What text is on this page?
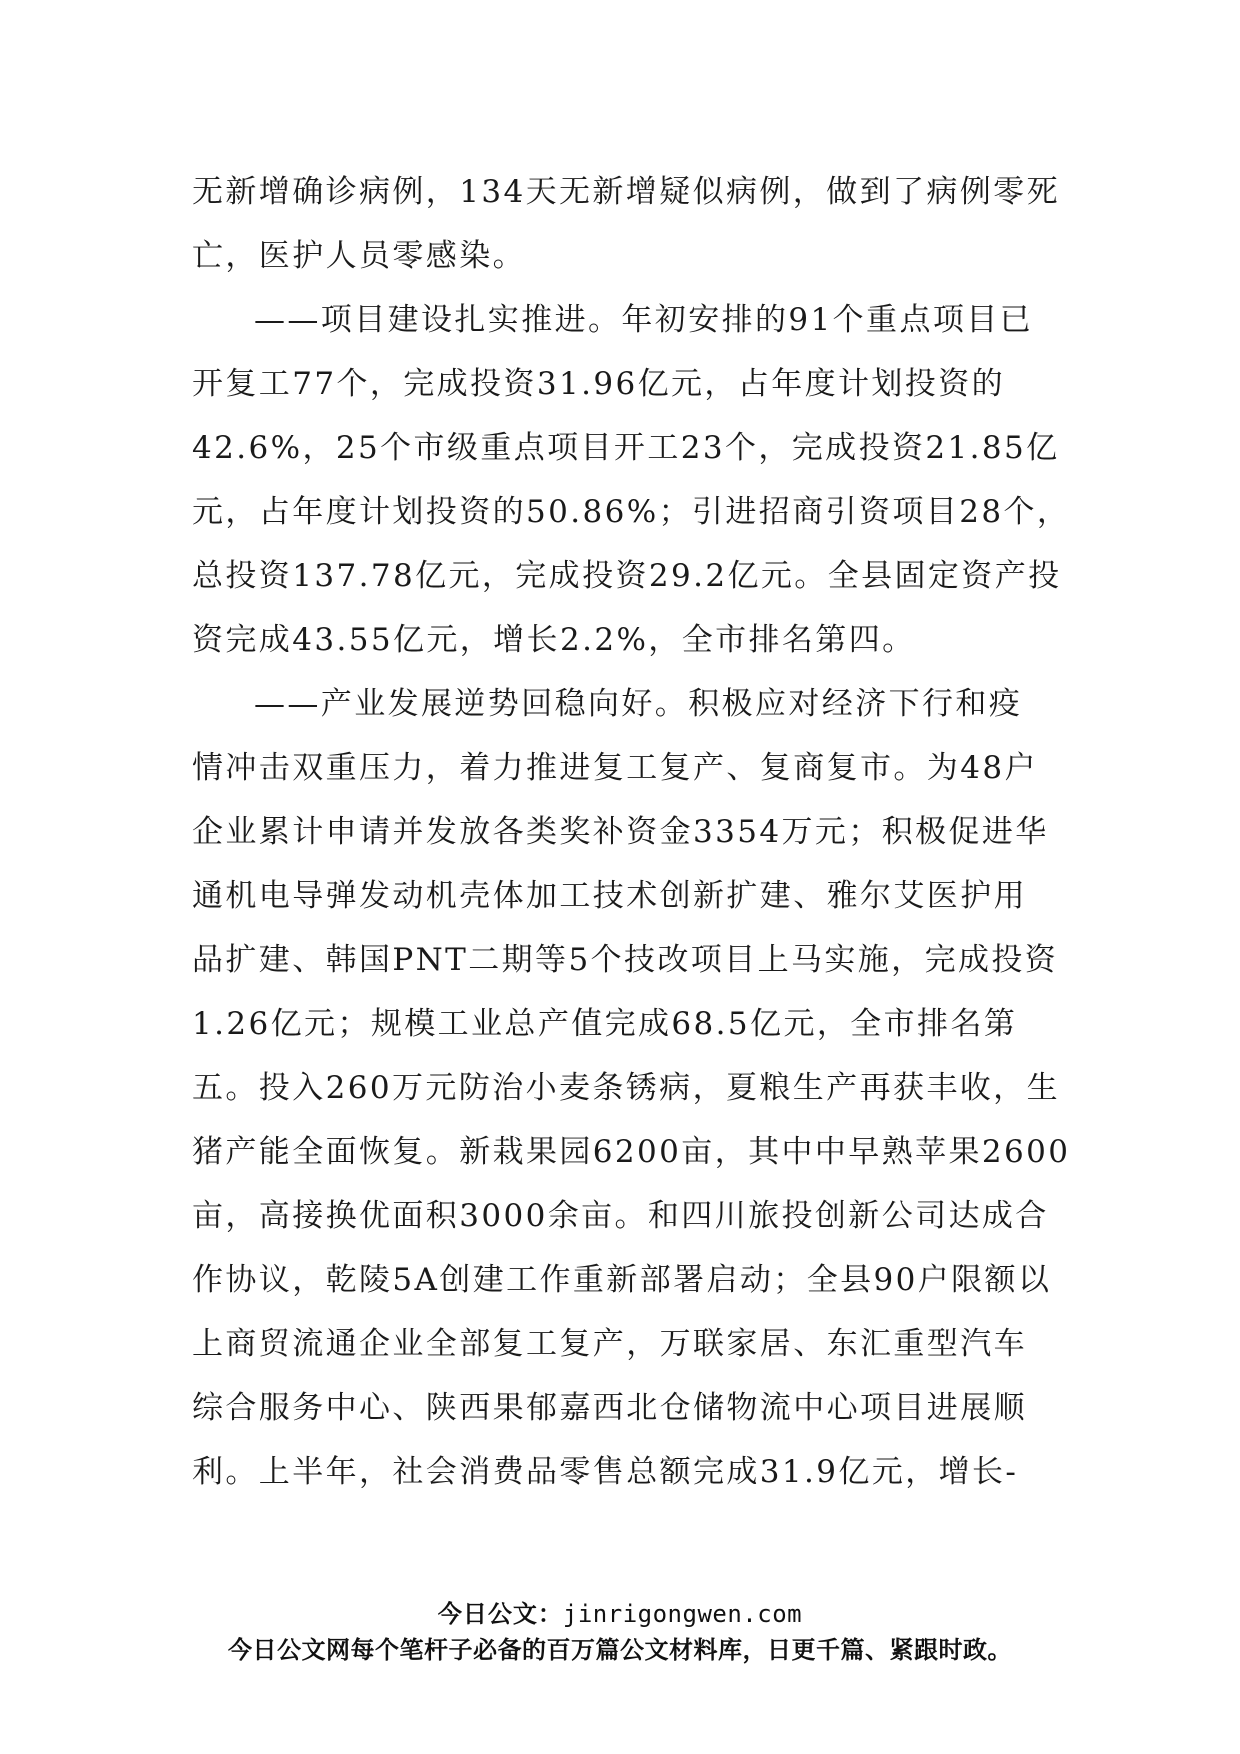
无新增确诊病例，134天无新增疑似病例，做到了病例零死
亡，医护人员零感染。
——项目建设扎实推进。年初安排的91个重点项目已
开复工77个，完成投资31.96亿元，占年度计划投资的
42.6%，25个市级重点项目开工23个，完成投资21.85亿
元，占年度计划投资的50.86%；引进招商引资项目28个，
总投资137.78亿元，完成投资29.2亿元。全县固定资产投
资完成43.55亿元，增长2.2%，全市排名第四。
——产业发展逆势回稳向好。积极应对经济下行和疫
情冲击双重压力，着力推进复工复产、复商复市。为48户
企业累计申请并发放各类奖补资金3354万元；积极促进华
通机电导弹发动机壳体加工技术创新扩建、雅尔艾医护用
品扩建、韩国PNT二期等5个技改项目上马实施，完成投资
1.26亿元；规模工业总产值完成68.5亿元，全市排名第
五。投入260万元防治小麦条锈病，夏粮生产再获丰收，生
猪产能全面恢复。新栽果园6200亩，其中中早熟苹果2600
亩，高接换优面积3000余亩。和四川旅投创新公司达成合
作协议，乾陵5A创建工作重新部署启动；全县90户限额以
上商贸流通企业全部复工复产，万联家居、东汇重型汽车
综合服务中心、陕西果郁嘉西北仓储物流中心项目进展顺
利。上半年，社会消费品零售总额完成31.9亿元，增长-
今日公文：jinrigongwen.com
今日公文网每个笔杆子必备的百万篇公文材料库，日更千篇、紧跟时政。
